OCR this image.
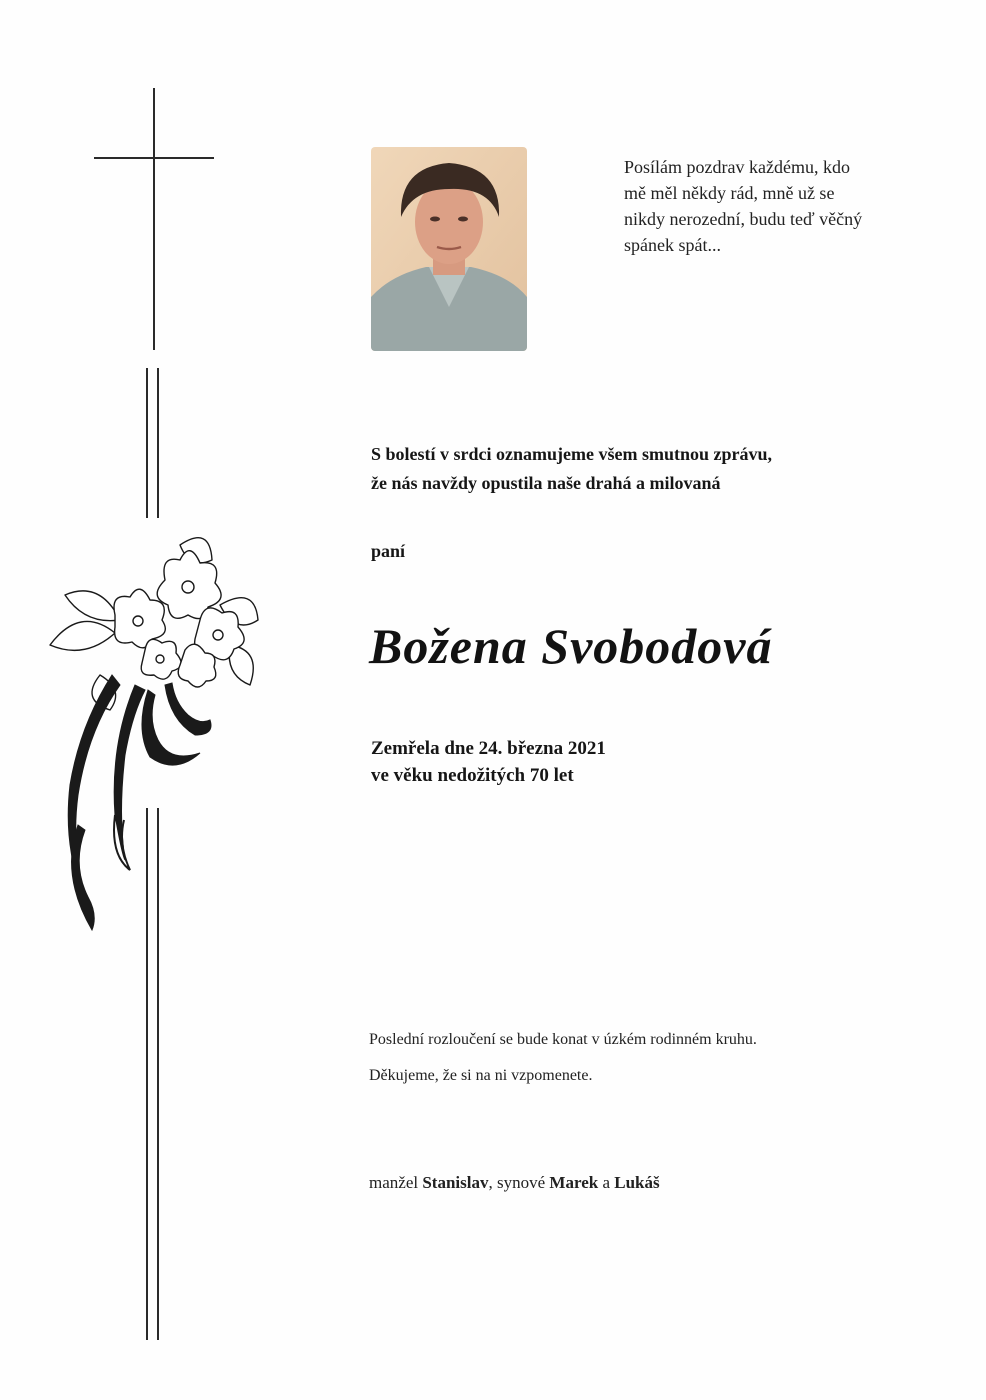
Posílám pozdrav každému, kdo
mě měl někdy rád, mně už se
nikdy nerozední, budu teď věčný
spánek spát...
S bolestí v srdci oznamujeme všem smutnou zprávu,
že nás navždy opustila naše drahá a milovaná
paní
Božena Svobodová
Zemřela dne 24. března 2021
ve věku nedožitých 70 let
Poslední rozloučení se bude konat v úzkém rodinném kruhu.
Děkujeme, že si na ni vzpomenete.
manžel Stanislav, synové Marek a Lukáš
